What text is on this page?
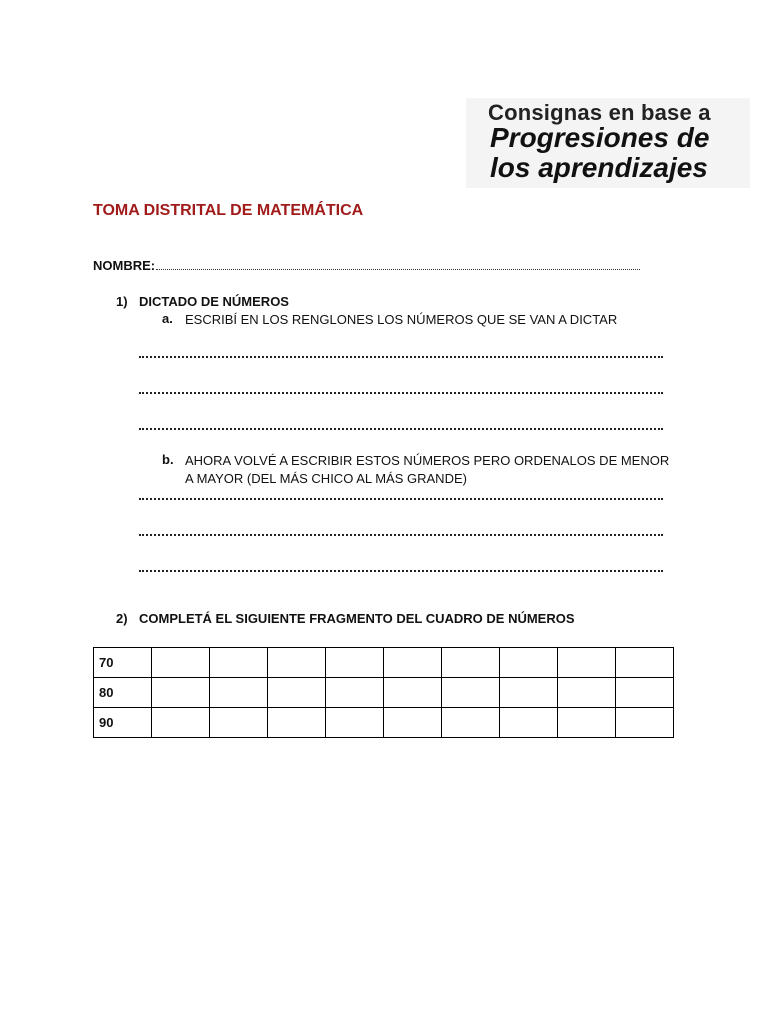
Consignas en base a
Progresiones de
los aprendizajes
TOMA DISTRITAL DE MATEMÁTICA
NOMBRE:
1) DICTADO DE NÚMEROS
a. ESCRIBÍ EN LOS RENGLONES LOS NÚMEROS QUE SE VAN A DICTAR
b. AHORA VOLVÉ A ESCRIBIR ESTOS NÚMEROS PERO ORDENALOS DE MENOR A MAYOR (DEL MÁS CHICO AL MÁS GRANDE)
2) COMPLETÁ EL SIGUIENTE FRAGMENTO DEL CUADRO DE NÚMEROS
70									
80									
90									
